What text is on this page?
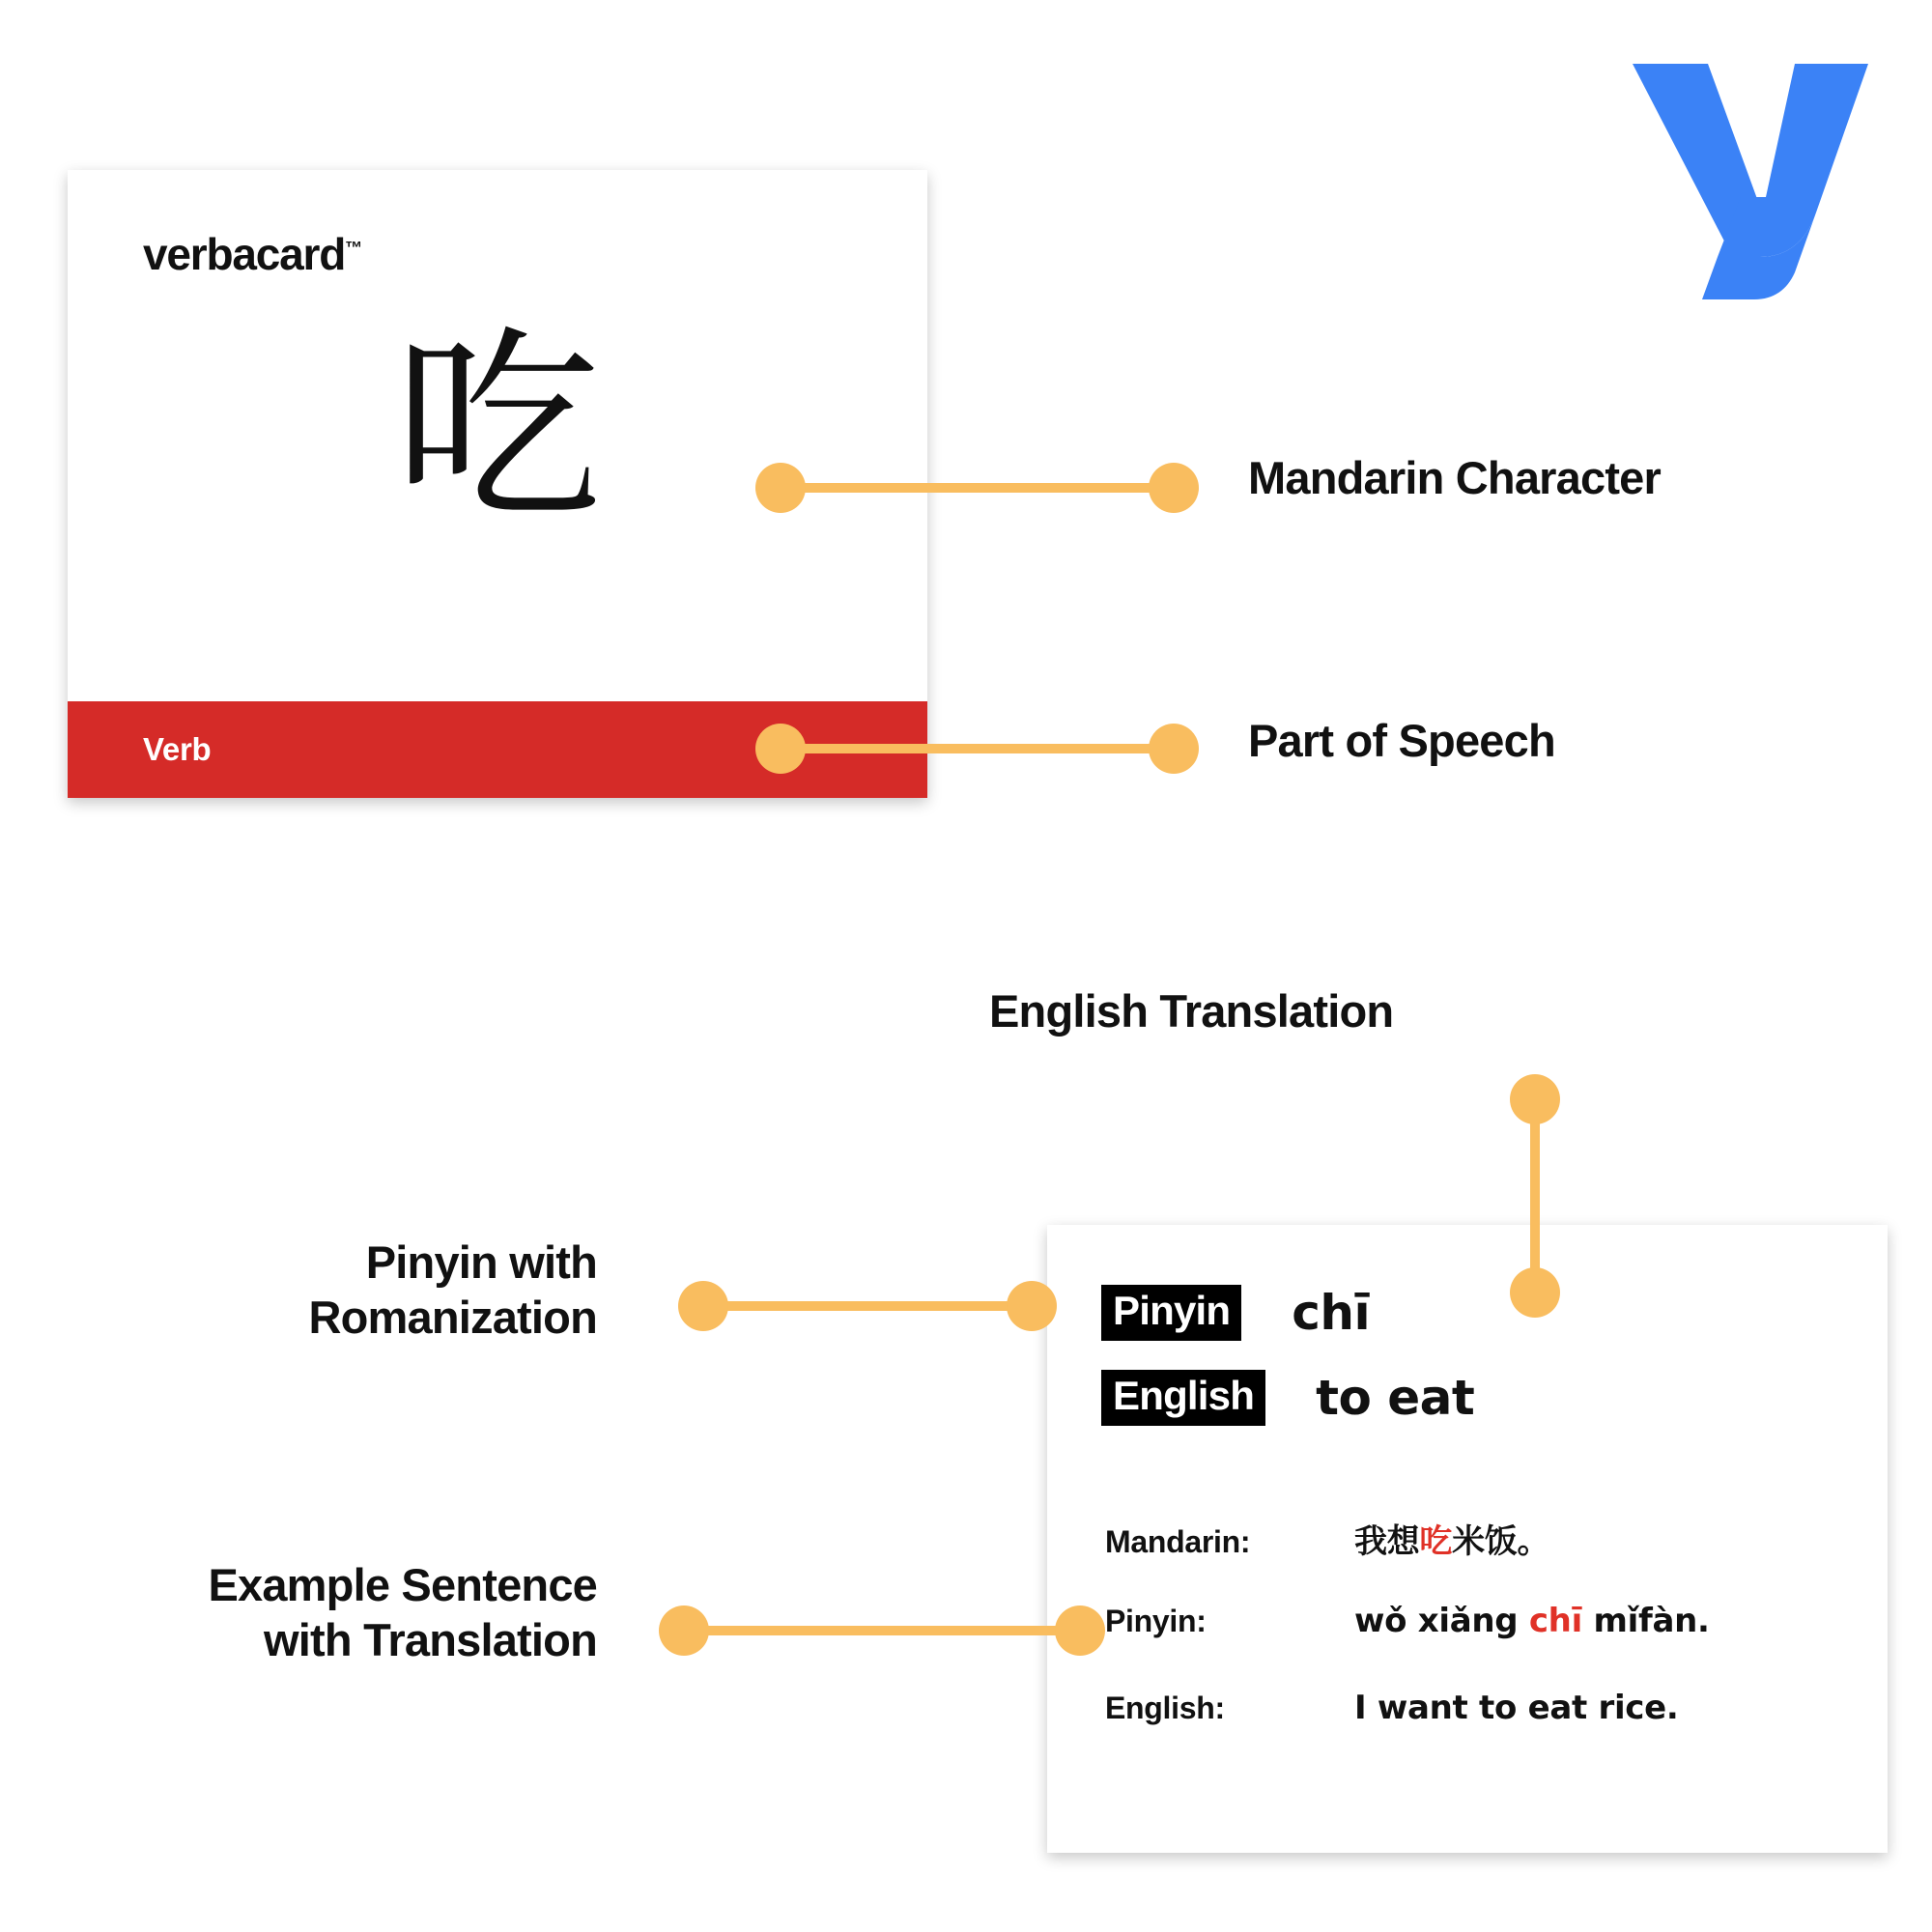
verbacard™
吃
Verb
Pinyin chī
English to eat
Mandarin:	我想吃米饭。
Pinyin:	wǒ xiǎng chī mǐfàn.
English:	I want to eat rice.
Mandarin Character
Part of Speech
English Translation
Pinyin with
Romanization
Example Sentence
with Translation
